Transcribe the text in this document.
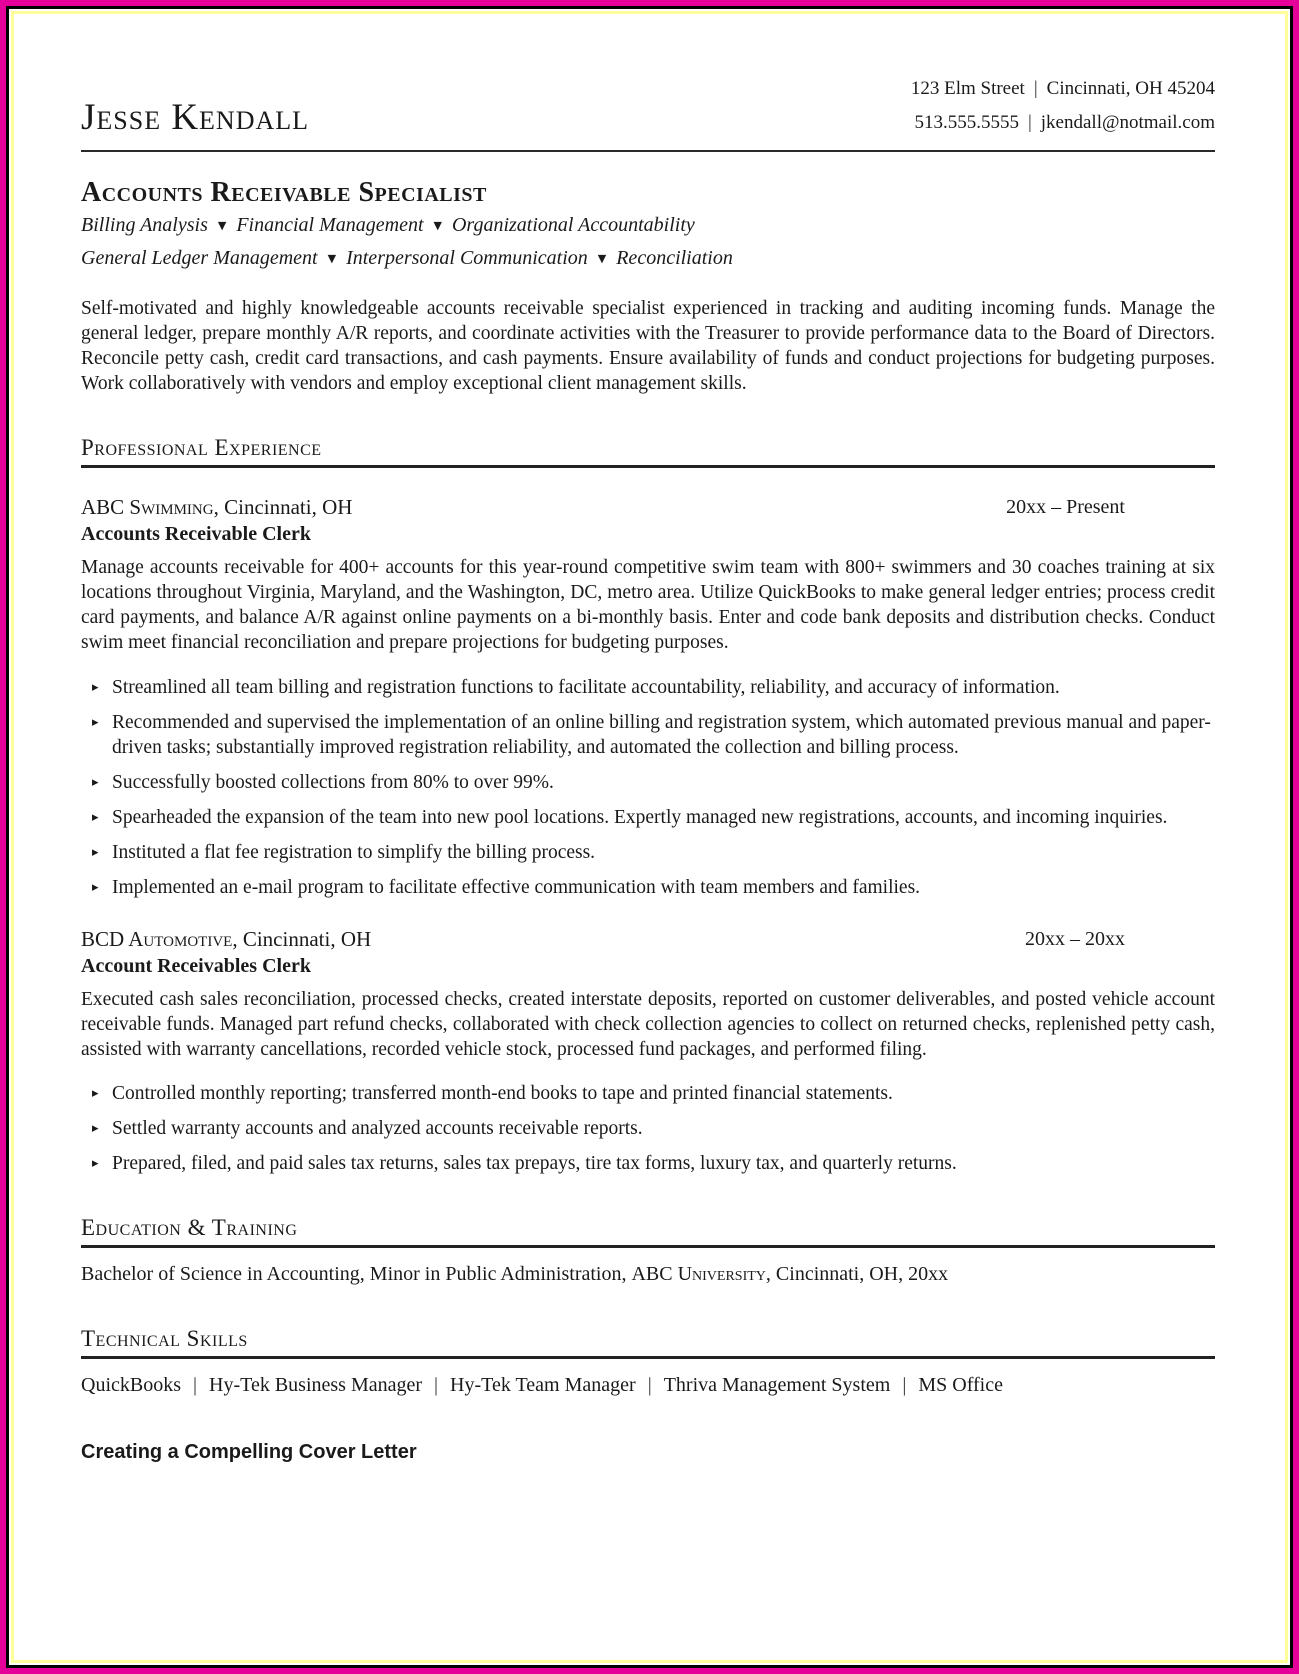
Jesse Kendall
123 Elm Street | Cincinnati, OH 45204
513.555.5555 | jkendall@notmail.com
Accounts Receivable Specialist
Billing Analysis ▼ Financial Management ▼ Organizational Accountability
General Ledger Management ▼ Interpersonal Communication ▼ Reconciliation

Self-motivated and highly knowledgeable accounts receivable specialist experienced in tracking and auditing incoming funds. Manage the general ledger, prepare monthly A/R reports, and coordinate activities with the Treasurer to provide performance data to the Board of Directors. Reconcile petty cash, credit card transactions, and cash payments. Ensure availability of funds and conduct projections for budgeting purposes. Work collaboratively with vendors and employ exceptional client management skills.

Professional Experience
ABC Swimming, Cincinnati, OH	20xx – Present
Accounts Receivable Clerk

Manage accounts receivable for 400+ accounts for this year-round competitive swim team with 800+ swimmers and 30 coaches training at six locations throughout Virginia, Maryland, and the Washington, DC, metro area. Utilize QuickBooks to make general ledger entries; process credit card payments, and balance A/R against online payments on a bi-monthly basis. Enter and code bank deposits and distribution checks. Conduct swim meet financial reconciliation and prepare projections for budgeting purposes.

▸ Streamlined all team billing and registration functions to facilitate accountability, reliability, and accuracy of information.
▸ Recommended and supervised the implementation of an online billing and registration system, which automated previous manual and paper-driven tasks; substantially improved registration reliability, and automated the collection and billing process.
▸ Successfully boosted collections from 80% to over 99%.
▸ Spearheaded the expansion of the team into new pool locations. Expertly managed new registrations, accounts, and incoming inquiries.
▸ Instituted a flat fee registration to simplify the billing process.
▸ Implemented an e-mail program to facilitate effective communication with team members and families.
BCD Automotive, Cincinnati, OH	20xx – 20xx
Account Receivables Clerk

Executed cash sales reconciliation, processed checks, created interstate deposits, reported on customer deliverables, and posted vehicle account receivable funds. Managed part refund checks, collaborated with check collection agencies to collect on returned checks, replenished petty cash, assisted with warranty cancellations, recorded vehicle stock, processed fund packages, and performed filing.

▸ Controlled monthly reporting; transferred month-end books to tape and printed financial statements.
▸ Settled warranty accounts and analyzed accounts receivable reports.
▸ Prepared, filed, and paid sales tax returns, sales tax prepays, tire tax forms, luxury tax, and quarterly returns.
Education & Training
Bachelor of Science in Accounting, Minor in Public Administration, ABC University, Cincinnati, OH, 20xx
Technical Skills
QuickBooks | Hy-Tek Business Manager | Hy-Tek Team Manager | Thriva Management System | MS Office
Creating a Compelling Cover Letter
